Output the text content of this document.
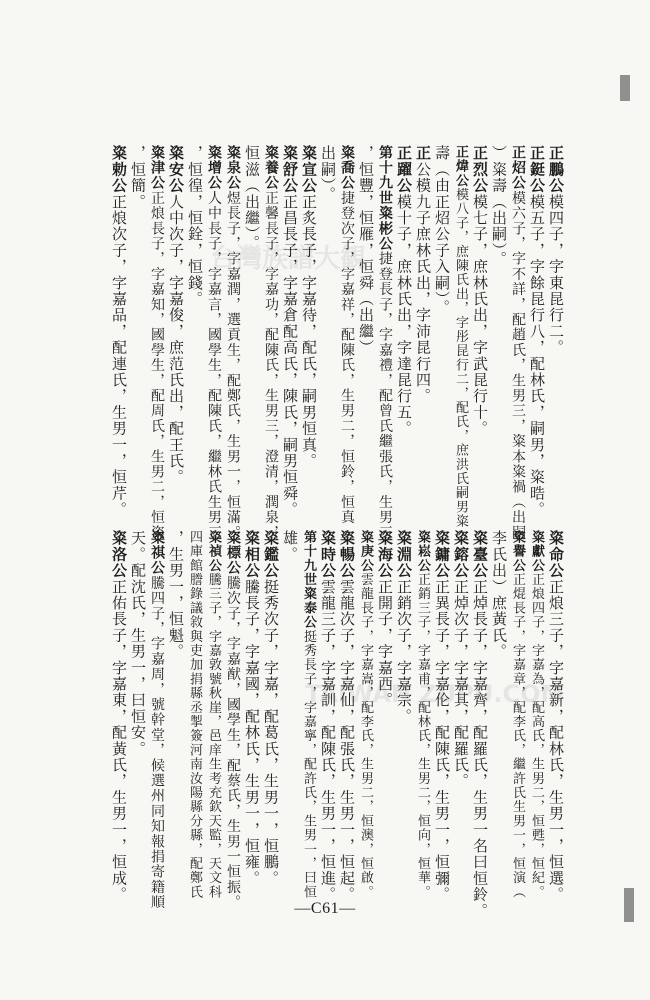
台灣族譜大観
TAIWAN ZUPU.COM
正鵬公模四子，字東昆行二。
正鋌公模五子，字餘昆行八，配林氏，嗣男，粢晧。
正炤公模六子，字不詳，配趙氏，生男三，粢本粢禍（出嗣
）粢壽（出嗣）。
正烈公模七子，庶林氏出，字武昆行十。
正煒公模八子，庶陳氏出，字彤昆行二，配氏，庶洪氏嗣男粢
壽（由正炤公子入嗣）。
正公模九子庶林氏出，字沛昆行四。
正躍公模十子，庶林氏出，字達昆行五。
第十九世粢彬公捷登長子，字嘉禮，配曾氏繼張氏，生男三
，恒豐，恒雁，恒舜（出繼）
粢喬公捷登次子，字嘉祥，配陳氏，生男二，恒鈴，恒真（
出嗣）。
粢宣公正炙長子，字嘉待，配氏，嗣男恒真。
粢舒公正昌長子，字嘉倉配高氏，陳氏，嗣男恒舜。
粢養公正馨長子，字嘉功，配陳氏，生男三，澄清，潤泉，
恒滋（出繼）。
粢泉公煜長子，字嘉潤，選貢生，配鄭氏，生男一，恒滿。
粢增公人中長子，字嘉言，國學生，配陳氏，繼林氏生男三
，恒徨，恒銓，恒錢。
粢安公人中次子，字嘉俊，庶范氏出，配王氏。
粢津公正烺長子，字嘉知，國學生，配周氏，生男二，恒粢
，恒簡。
粢勅公正烺次子，字嘉品，配連氏，生男一，恒芹。
粢命公正烺三子，字嘉新，配林氏，生男一，恒選。
粢獻公正烺四子，字嘉為，配高氏，生男二，恒甦，恒紀。
粢譽公正焜長子，字嘉章，配李氏，繼許氏生男一，恒演（
李氏出）庶黃氏。
粢臺公正焯長子，字嘉齊，配羅氏，生男一名曰恒鈴。
粢鎔公正焯次子，字嘉其，配羅氏。
粢鏞公正異長子，字嘉伦，配陳氏，生男一，恒彌。
粢崧公正銷三子，字嘉甫，配林氏，生男二，恒向，恒華。
粢淵公正銷次子，字嘉宗。
粢海公正開子，字嘉西。
粢庚公雲龍長子，字嘉嵩，配李氏，生男二，恒澳，恒啟。
粢暢公雲龍次子，字嘉仙，配張氏，生男一，恒起。
粢時公雲龍三子，字嘉訓，配陳氏，生男一，恒進。
第十九世粢泰公挺秀長子，字嘉寧，配許氏，生男一，曰恒
雄。
粢鑑公挺秀次子，字嘉，配葛氏，生男一，恒鵬。
粢相公騰長子，字嘉國，配林氏，生男一，恒雍。
粢標公騰次子，字嘉猷，國學生，配蔡氏，生男一恒振。
粢禎公騰三子，字嘉敦號秋崖，邑庠生考充欽天監，天文科
四庫館謄錄議敘與吏加捐縣丞掣簽河南汝陽縣分縣，配鄭氏
，生男一，恒魁。
粢祺公騰四子，字嘉周，號幹堂，候選州同知報捐寄籍順
天。配沈氏，生男一，曰恒安。
粢洛公正佑長子，字嘉東，配黃氏，生男一，恒成。
—C61—
